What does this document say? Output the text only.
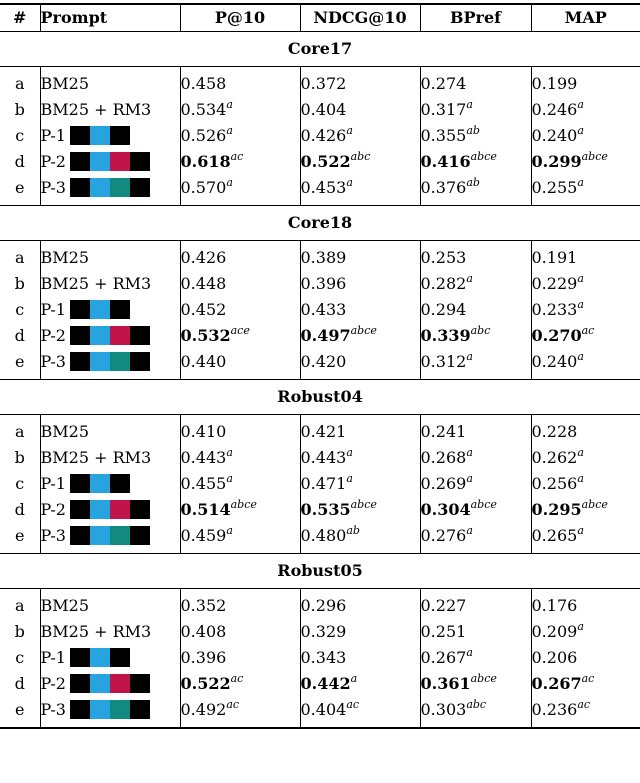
#	Prompt	P@10	NDCG@10	BPref	MAP
Core17					
a	BM25	0.458	0.372	0.274	0.199
b	BM25 + RM3	0.534$^a$	0.404	0.317$^a$	0.246$^a$
c	P-1	0.526$^a$	0.426$^a$	0.355$^{ab}$	0.240$^a$
d	P-2	0.618$^{ac}$	0.522$^{abc}$	$0.416^{abce}$	$0.299^{abce}$
e	P-3	0.570$^a$	0.453$^a$	0.376$^{ab}$	0.255$^a$
Core18					
a	BM25	0.426	0.389	0.253	0.191
b	BM25 + RM3	0.448	0.396	0.282$^a$	0.229$^a$
c	P-1	0.452	0.433	0.294	0.233$^a$
d	P-2	0.532$^{ace}$	$0.497^{abce}$	0.339$^{abc}$	0.270$^{ac}$
e	P-3	0.440	0.420	0.312$^a$	0.240$^a$
Robust04					
a	BM25	0.410	0.421	0.241	0.228
b	BM25 + RM3	0.443$^a$	0.443$^a$	0.268$^a$	0.262$^a$
c	P-1	0.455$^a$	0.471$^a$	0.269$^a$	0.256$^a$
d	P-2	$0.514^{abce}$	$0.535^{abce}$	$0.304^{abce}$	$0.295^{abce}$
e	P-3	0.459$^a$	0.480$^{ab}$	0.276$^a$	0.265$^a$
Robust05					
a	BM25	0.352	0.296	0.227	0.176
b	BM25 + RM3	0.408	0.329	0.251	0.209$^a$
c	P-1	0.396	0.343	0.267$^a$	0.206
d	P-2	0.522$^{ac}$	0.442$^a$	$0.361^{abce}$	0.267$^{ac}$
e	P-3	0.492$^{ac}$	0.404$^{ac}$	0.303$^{abc}$	0.236$^{ac}$
